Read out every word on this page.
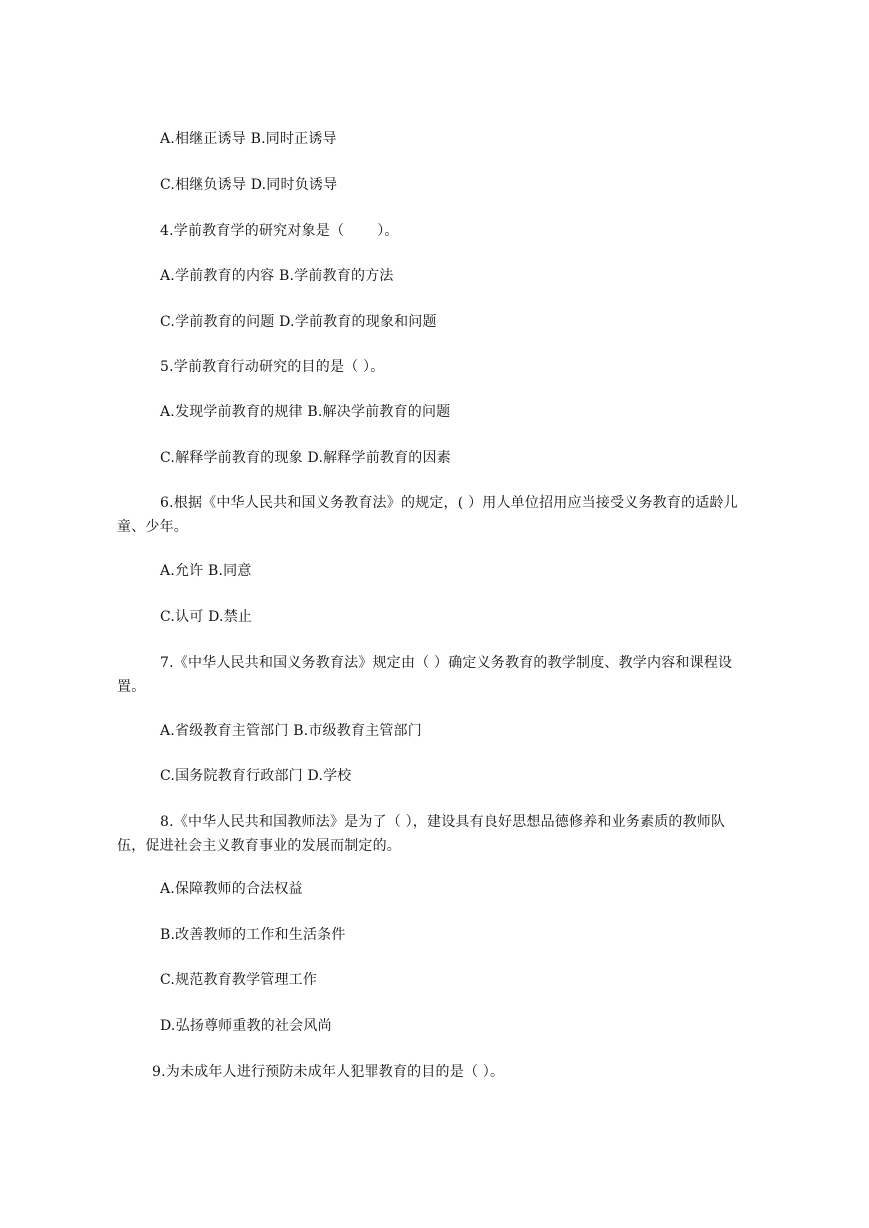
A.相继正诱导 B.同时正诱导
C.相继负诱导 D.同时负诱导
4.学前教育学的研究对象是（　　 ）。
A.学前教育的内容 B.学前教育的方法
C.学前教育的问题 D.学前教育的现象和问题
5.学前教育行动研究的目的是（ ）。
A.发现学前教育的规律 B.解决学前教育的问题
C.解释学前教育的现象 D.解释学前教育的因素
6.根据《中华人民共和国义务教育法》的规定，( ）用人单位招用应当接受义务教育的适龄儿童、少年。
A.允许 B.同意
C.认可 D.禁止
7.《中华人民共和国义务教育法》规定由（ ）确定义务教育的教学制度、教学内容和课程设置。
A.省级教育主管部门 B.市级教育主管部门
C.国务院教育行政部门 D.学校
8.《中华人民共和国教师法》是为了（ ），建设具有良好思想品德修养和业务素质的教师队伍，促进社会主义教育事业的发展而制定的。
A.保障教师的合法权益
B.改善教师的工作和生活条件
C.规范教育教学管理工作
D.弘扬尊师重教的社会风尚
9.为未成年人进行预防未成年人犯罪教育的目的是（ ）。
